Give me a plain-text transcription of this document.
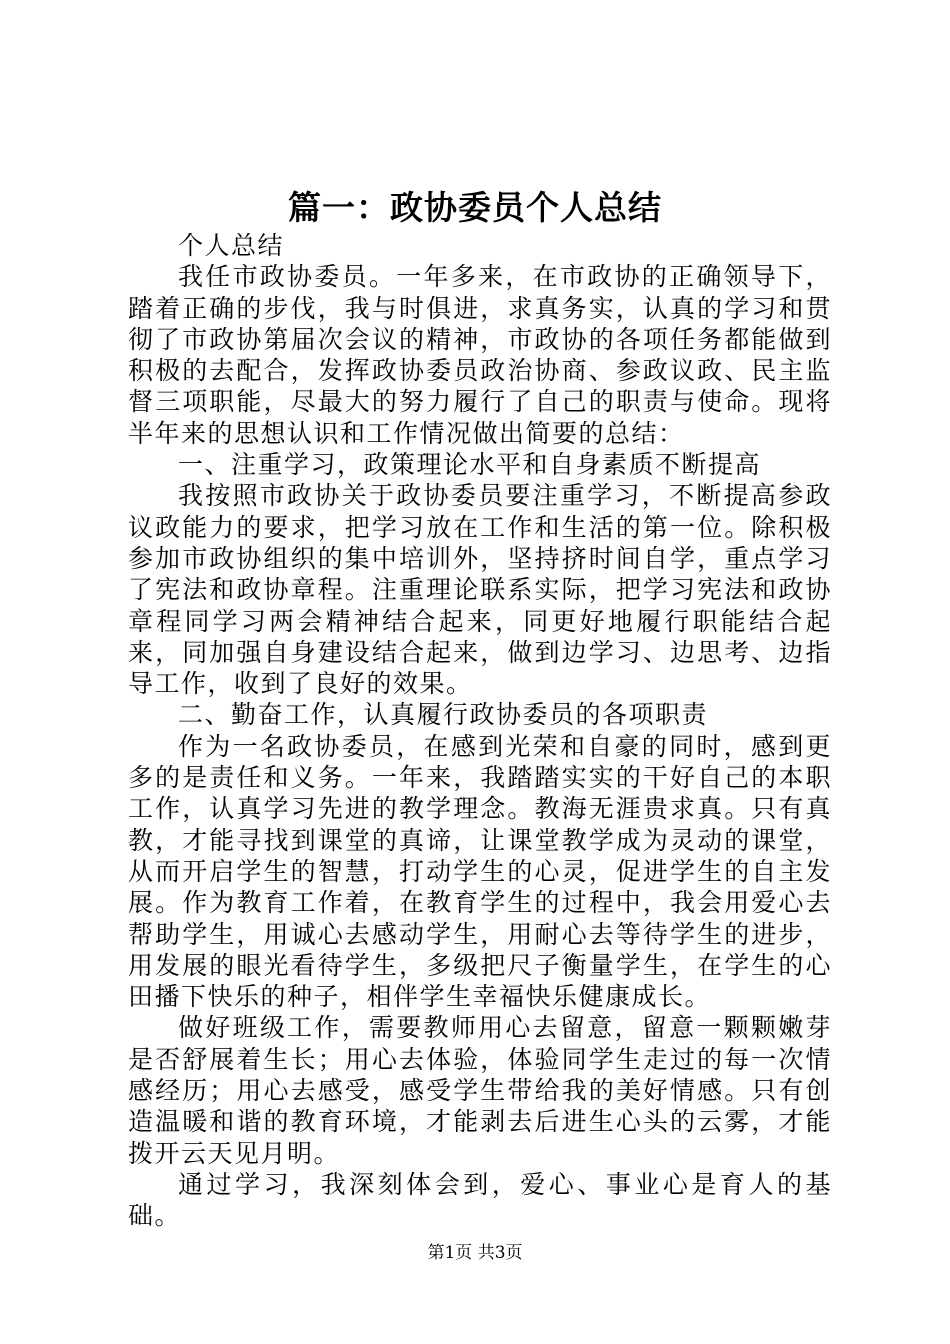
篇一：政协委员个人总结

个人总结

我任市政协委员。一年多来，在市政协的正确领导下，踏着正确的步伐，我与时俱进，求真务实，认真的学习和贯彻了市政协第届次会议的精神，市政协的各项任务都能做到积极的去配合，发挥政协委员政治协商、参政议政、民主监督三项职能，尽最大的努力履行了自己的职责与使命。现将半年来的思想认识和工作情况做出简要的总结：

一、注重学习，政策理论水平和自身素质不断提高

我按照市政协关于政协委员要注重学习，不断提高参政议政能力的要求，把学习放在工作和生活的第一位。除积极参加市政协组织的集中培训外，坚持挤时间自学，重点学习了宪法和政协章程。注重理论联系实际，把学习宪法和政协章程同学习两会精神结合起来，同更好地履行职能结合起来，同加强自身建设结合起来，做到边学习、边思考、边指导工作，收到了良好的效果。

二、勤奋工作，认真履行政协委员的各项职责

作为一名政协委员，在感到光荣和自豪的同时，感到更多的是责任和义务。一年来，我踏踏实实的干好自己的本职工作，认真学习先进的教学理念。教海无涯贵求真。只有真教，才能寻找到课堂的真谛，让课堂教学成为灵动的课堂，从而开启学生的智慧，打动学生的心灵，促进学生的自主发展。作为教育工作着，在教育学生的过程中，我会用爱心去帮助学生，用诚心去感动学生，用耐心去等待学生的进步，用发展的眼光看待学生，多级把尺子衡量学生，在学生的心田播下快乐的种子，相伴学生幸福快乐健康成长。

做好班级工作，需要教师用心去留意，留意一颗颗嫩芽是否舒展着生长；用心去体验，体验同学生走过的每一次情感经历；用心去感受，感受学生带给我的美好情感。只有创造温暖和谐的教育环境，才能剥去后进生心头的云雾，才能拨开云天见月明。

通过学习，我深刻体会到，爱心、事业心是育人的基础。

第1页 共3页
